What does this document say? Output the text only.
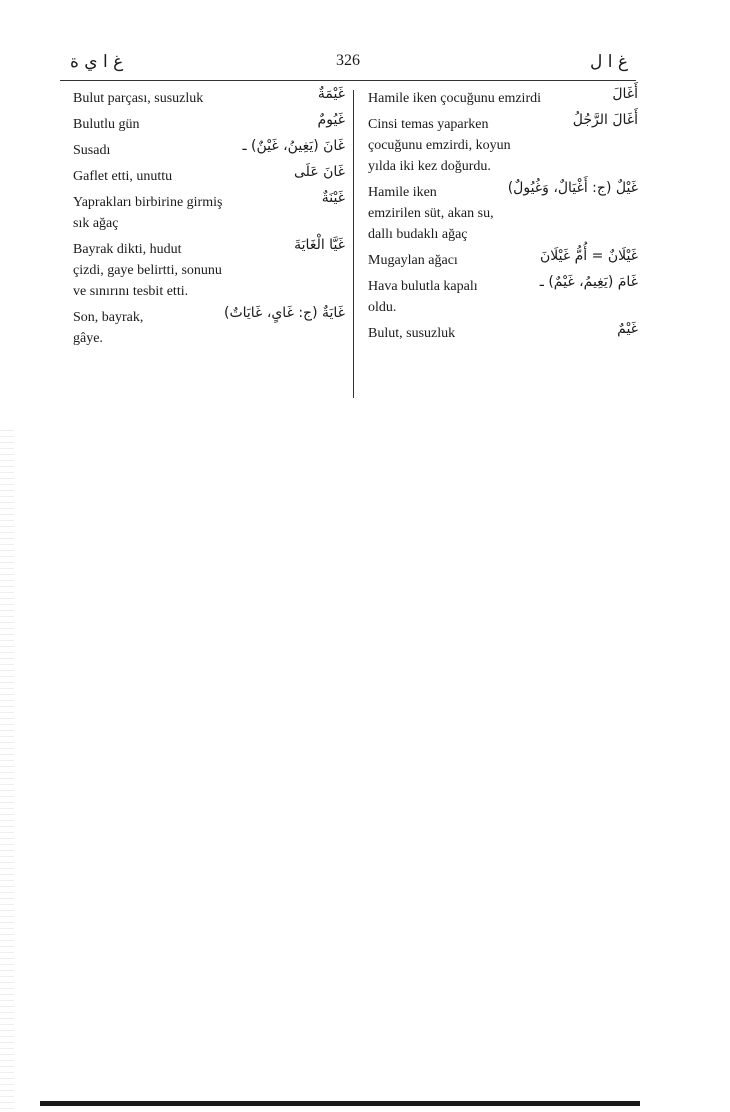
غ ا ي ة	326	غ ا ل
غَيْمَةٌ
Bulut parçası, susuzluk
غَيُومٌ
Bulutlu gün
غَانَ (يَغِينُ، غَيْنٌ) ـ
Susadı
غَانَ عَلَى
Gaflet etti, unuttu
غَيْنَةٌ
Yaprakları birbirine girmiş
sık ağaç
غَيَّا الْغَايَةَ
Bayrak dikti, hudut
çizdi, gaye belirtti, sonunu
ve sınırını tesbit etti.
غَايَةٌ (ج: غَاىٍ، غَايَاتٌ)
Son, bayrak,
gâye.
أَغَالَ
Hamile iken çocuğunu emzirdi
أَغَالَ الرَّجُلُ
Cinsi temas yaparken
çocuğunu emzirdi, koyun
yılda iki kez doğurdu.
غَيْلٌ (ج: أَغْيَالٌ، وَغُيُولٌ)
Hamile iken
emzirilen süt, akan su,
dallı budaklı ağaç
غَيْلَانٌ = أُمُّ غَيْلَانَ
Mugaylan ağacı
غَامَ (يَغِيمُ، غَيْمٌ) ـ
Hava bulutla kapalı
oldu.
غَيْمٌ
Bulut, susuzluk
